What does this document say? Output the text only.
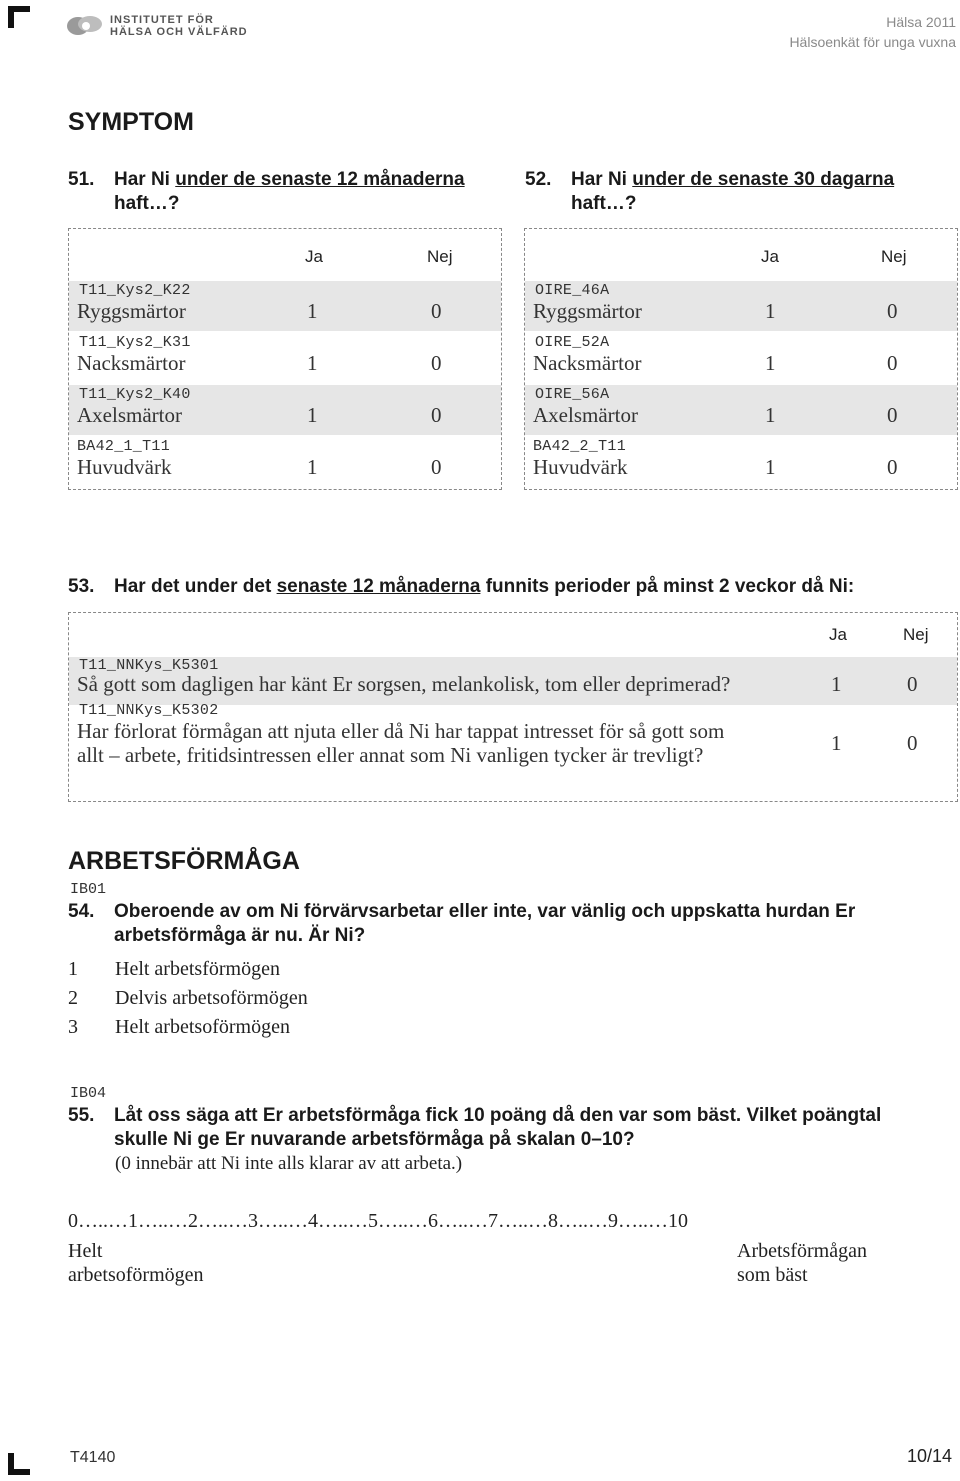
INSTITUTET FÖR
HÄLSA OCH VÄLFÄRD
Hälsa 2011
Hälsoenkät för unga vuxna
SYMPTOM
51.	Har Ni under de senaste 12 månaderna haft…?
52.	Har Ni under de senaste 30 dagarna haft…?
Ja	Nej
T11_Kys2_K22
Ryggsmärtor	1	0
T11_Kys2_K31
Nacksmärtor	1	0
T11_Kys2_K40
Axelsmärtor	1	0
BA42_1_T11
Huvudvärk	1	0
Ja	Nej
OIRE_46A
Ryggsmärtor	1	0
OIRE_52A
Nacksmärtor	1	0
OIRE_56A
Axelsmärtor	1	0
BA42_2_T11
Huvudvärk	1	0
53.	Har det under det senaste 12 månaderna funnits perioder på minst 2 veckor då Ni:
Ja	Nej
T11_NNKys_K5301
Så gott som dagligen har känt Er sorgsen, melankolisk, tom eller deprimerad?	1	0
T11_NNKys_K5302
Har förlorat förmågan att njuta eller då Ni har tappat intresset för så gott som
allt – arbete, fritidsintressen eller annat som Ni vanligen tycker är trevligt?	1	0
ARBETSFÖRMÅGA
IB01
54.	Oberoende av om Ni förvärvsarbetar eller inte, var vänlig och uppskatta hurdan Er
arbetsförmåga är nu. Är Ni?
1 Helt arbetsförmögen
2 Delvis arbetsoförmögen
3 Helt arbetsoförmögen
IB04
55.	Låt oss säga att Er arbetsförmåga fick 10 poäng då den var som bäst. Vilket poängtal
skulle Ni ge Er nuvarande arbetsförmåga på skalan 0–10?
(0 innebär att Ni inte alls klarar av att arbeta.)
0…..…1…..…2…..…3…..…4…..…5…..…6…..…7…..…8…..…9…..…10
Helt
arbetsoförmögen
Arbetsförmågan
som bäst
T4140	10/14
